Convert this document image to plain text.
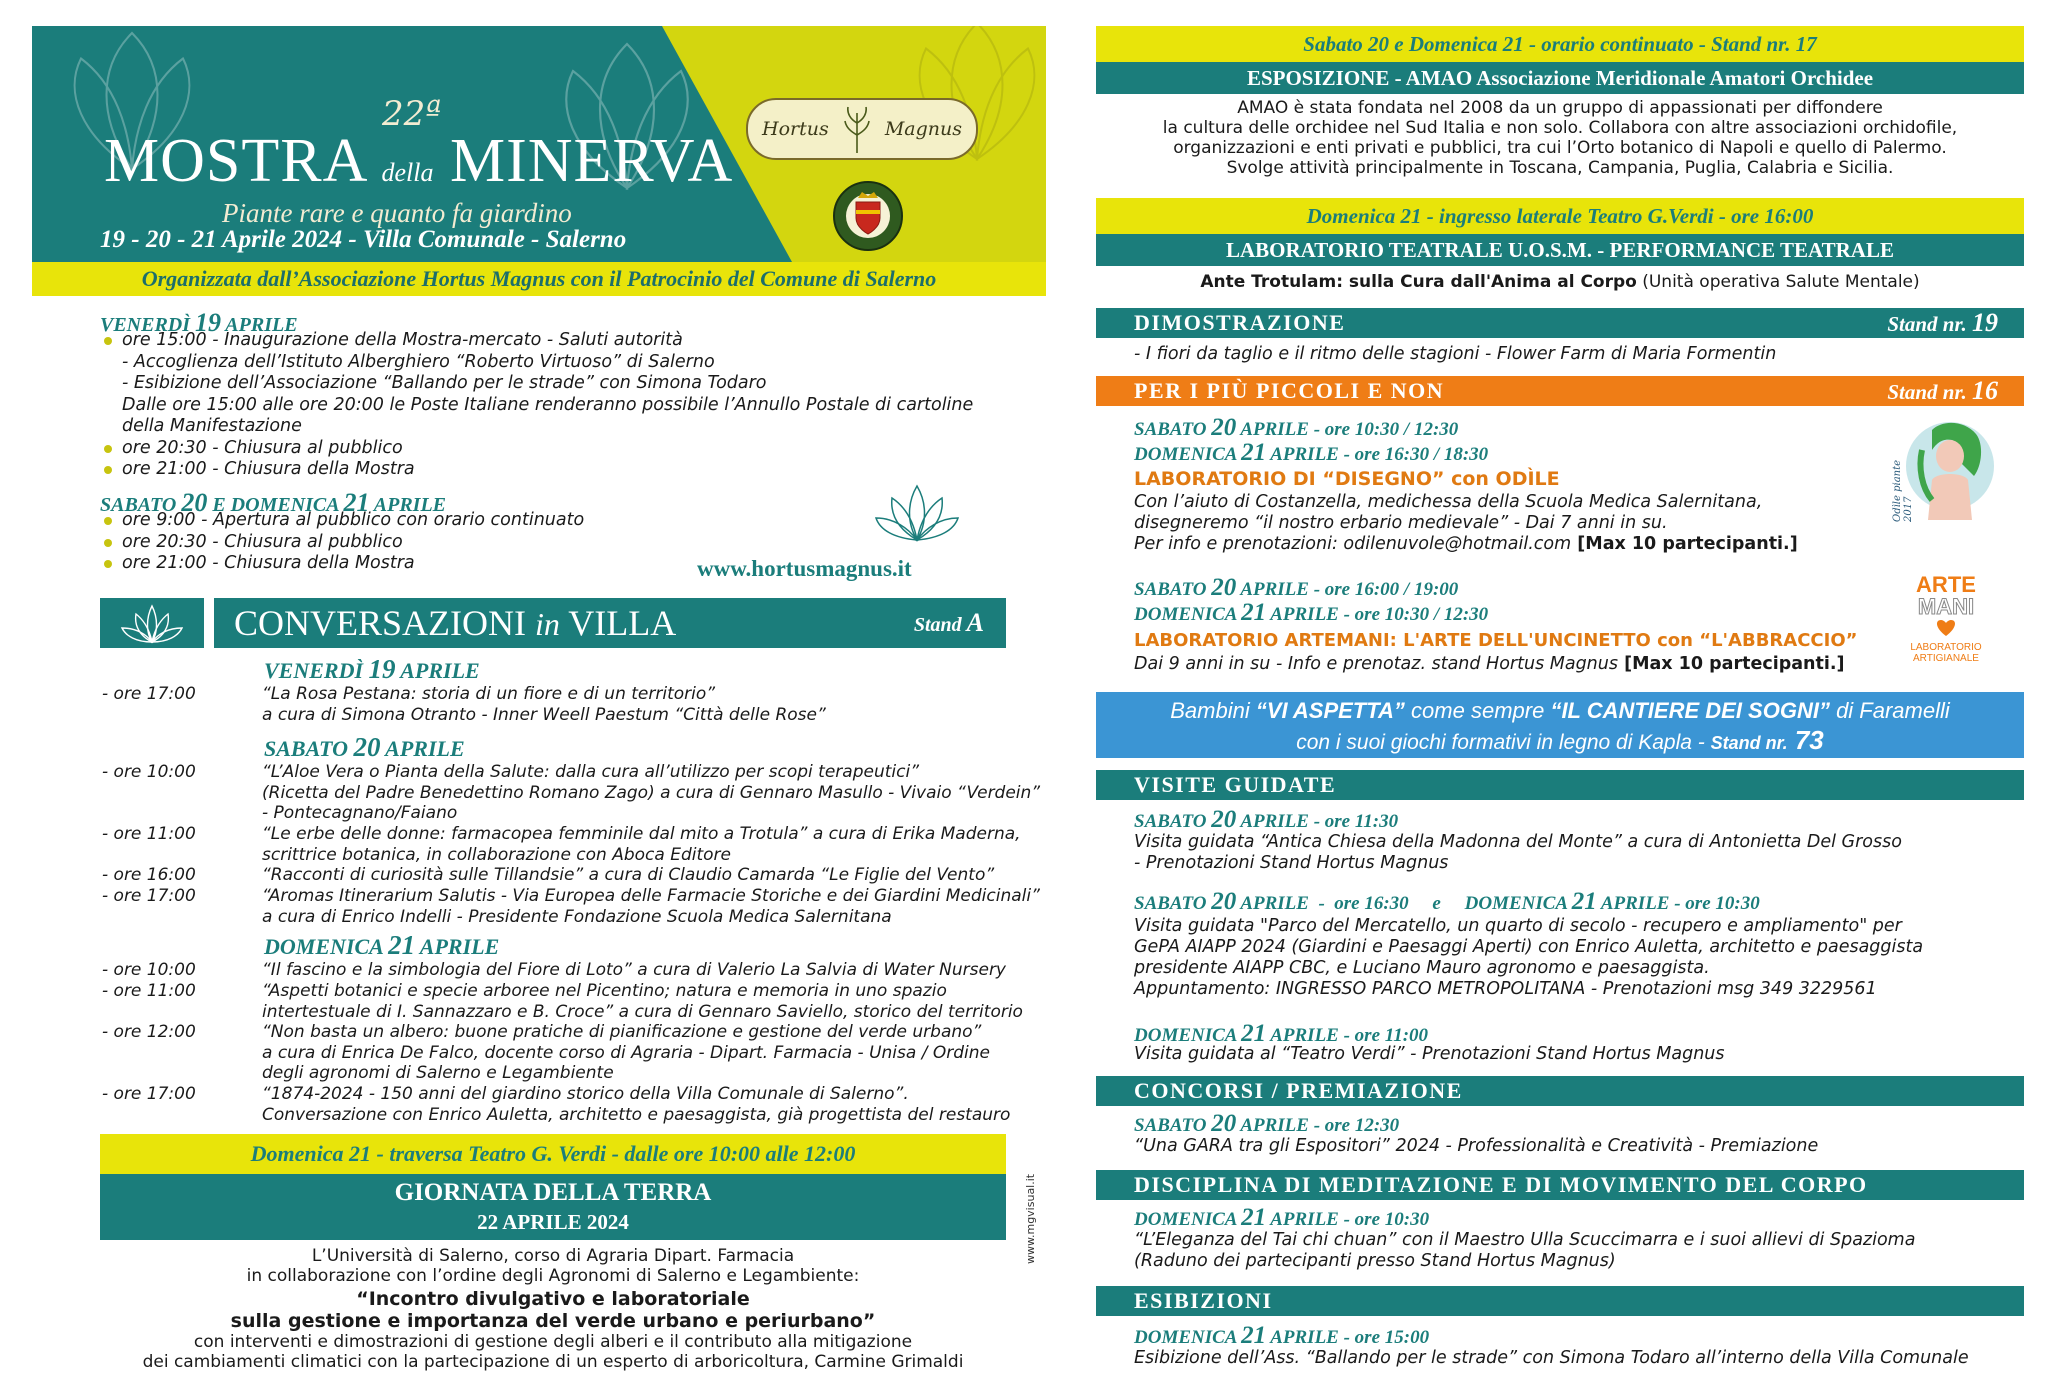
22ª
MOSTRA della MINERVA
Piante rare e quanto fa giardino
19 - 20 - 21 Aprile 2024 - Villa Comunale - Salerno
Hortus	Magnus
Organizzata dall’Associazione Hortus Magnus con il Patrocinio del Comune di Salerno
VENERDÌ 19 APRILE
ore 15:00 - Inaugurazione della Mostra-mercato - Saluti autorità
- Accoglienza dell’Istituto Alberghiero “Roberto Virtuoso” di Salerno
- Esibizione dell’Associazione “Ballando per le strade” con Simona Todaro
Dalle ore 15:00 alle ore 20:00 le Poste Italiane renderanno possibile l’Annullo Postale di cartoline
della Manifestazione
ore 20:30 - Chiusura al pubblico
ore 21:00 - Chiusura della Mostra
SABATO 20 E DOMENICA 21 APRILE
ore 9:00 - Apertura al pubblico con orario continuato
ore 20:30 - Chiusura al pubblico
ore 21:00 - Chiusura della Mostra	www.hortusmagnus.it
CONVERSAZIONI in VILLA	Stand A
VENERDÌ 19 APRILE
- ore 17:00	“La Rosa Pestana: storia di un fiore e di un territorio”
a cura di Simona Otranto - Inner Weell Paestum “Città delle Rose”
SABATO 20 APRILE
- ore 10:00	“L’Aloe Vera o Pianta della Salute: dalla cura all’utilizzo per scopi terapeutici”
(Ricetta del Padre Benedettino Romano Zago) a cura di Gennaro Masullo - Vivaio “Verdein”
- Pontecagnano/Faiano
- ore 11:00	“Le erbe delle donne: farmacopea femminile dal mito a Trotula” a cura di Erika Maderna,
scrittrice botanica, in collaborazione con Aboca Editore
- ore 16:00	“Racconti di curiosità sulle Tillandsie” a cura di Claudio Camarda “Le Figlie del Vento”
- ore 17:00	“Aromas Itinerarium Salutis - Via Europea delle Farmacie Storiche e dei Giardini Medicinali”
a cura di Enrico Indelli - Presidente Fondazione Scuola Medica Salernitana
DOMENICA 21 APRILE
- ore 10:00	“Il fascino e la simbologia del Fiore di Loto” a cura di Valerio La Salvia di Water Nursery
- ore 11:00	“Aspetti botanici e specie arboree nel Picentino; natura e memoria in uno spazio
intertestuale di I. Sannazzaro e B. Croce” a cura di Gennaro Saviello, storico del territorio
- ore 12:00	“Non basta un albero: buone pratiche di pianificazione e gestione del verde urbano”
a cura di Enrica De Falco, docente corso di Agraria - Dipart. Farmacia - Unisa / Ordine
degli agronomi di Salerno e Legambiente
- ore 17:00	“1874-2024 - 150 anni del giardino storico della Villa Comunale di Salerno”.
Conversazione con Enrico Auletta, architetto e paesaggista, già progettista del restauro
www.mgvisual.it
Domenica 21 - traversa Teatro G. Verdi - dalle ore 10:00 alle 12:00
GIORNATA DELLA TERRA
22 APRILE 2024
L’Università di Salerno, corso di Agraria Dipart. Farmacia
in collaborazione con l’ordine degli Agronomi di Salerno e Legambiente:
“Incontro divulgativo e laboratoriale
sulla gestione e importanza del verde urbano e periurbano”
con interventi e dimostrazioni di gestione degli alberi e il contributo alla mitigazione
dei cambiamenti climatici con la partecipazione di un esperto di arboricoltura, Carmine Grimaldi
Sabato 20 e Domenica 21 - orario continuato - Stand nr. 17
ESPOSIZIONE - AMAO Associazione Meridionale Amatori Orchidee
AMAO è stata fondata nel 2008 da un gruppo di appassionati per diffondere
la cultura delle orchidee nel Sud Italia e non solo. Collabora con altre associazioni orchidofile,
organizzazioni e enti privati e pubblici, tra cui l’Orto botanico di Napoli e quello di Palermo.
Svolge attività principalmente in Toscana, Campania, Puglia, Calabria e Sicilia.
Domenica 21 - ingresso laterale Teatro G.Verdi - ore 16:00
LABORATORIO TEATRALE U.O.S.M. - PERFORMANCE TEATRALE
Ante Trotulam: sulla Cura dall'Anima al Corpo (Unità operativa Salute Mentale)
DIMOSTRAZIONE	Stand nr. 19
- I fiori da taglio e il ritmo delle stagioni - Flower Farm di Maria Formentin
PER I PIÙ PICCOLI E NON	Stand nr. 16
SABATO 20 APRILE - ore 10:30 / 12:30
DOMENICA 21 APRILE - ore 16:30 / 18:30
LABORATORIO DI “DISEGNO” con ODÌLE
Con l’aiuto di Costanzella, medichessa della Scuola Medica Salernitana,
disegneremo “il nostro erbario medievale” - Dai 7 anni in su.
Per info e prenotazioni: odilenuvole@hotmail.com [Max 10 partecipanti.]
Odìle piante 2017
SABATO 20 APRILE - ore 16:00 / 19:00
DOMENICA 21 APRILE - ore 10:30 / 12:30
LABORATORIO ARTEMANI: L'ARTE DELL'UNCINETTO con “L'ABBRACCIO”
Dai 9 anni in su - Info e prenotaz. stand Hortus Magnus [Max 10 partecipanti.]
ARTE
MANI
LABORATORIO ARTIGIANALE
Bambini “VI ASPETTA” come sempre “IL CANTIERE DEI SOGNI” di Faramelli
con i suoi giochi formativi in legno di Kapla - Stand nr. 73
VISITE GUIDATE
SABATO 20 APRILE - ore 11:30
Visita guidata “Antica Chiesa della Madonna del Monte” a cura di Antonietta Del Grosso
- Prenotazioni Stand Hortus Magnus
SABATO 20 APRILE  -  ore 16:30     e     DOMENICA 21 APRILE - ore 10:30
Visita guidata "Parco del Mercatello, un quarto di secolo - recupero e ampliamento" per
GePA AIAPP 2024 (Giardini e Paesaggi Aperti) con Enrico Auletta, architetto e paesaggista
presidente AIAPP CBC, e Luciano Mauro agronomo e paesaggista.
Appuntamento: INGRESSO PARCO METROPOLITANA - Prenotazioni msg 349 3229561
DOMENICA 21 APRILE - ore 11:00
Visita guidata al “Teatro Verdi” - Prenotazioni Stand Hortus Magnus
CONCORSI / PREMIAZIONE
SABATO 20 APRILE - ore 12:30
“Una GARA tra gli Espositori” 2024 - Professionalità e Creatività - Premiazione
DISCIPLINA DI MEDITAZIONE E DI MOVIMENTO DEL CORPO
DOMENICA 21 APRILE - ore 10:30
“L’Eleganza del Tai chi chuan” con il Maestro Ulla Scuccimarra e i suoi allievi di Spaziomа
(Raduno dei partecipanti presso Stand Hortus Magnus)
ESIBIZIONI
DOMENICA 21 APRILE - ore 15:00
Esibizione dell’Ass. “Ballando per le strade” con Simona Todaro all’interno della Villa Comunale
